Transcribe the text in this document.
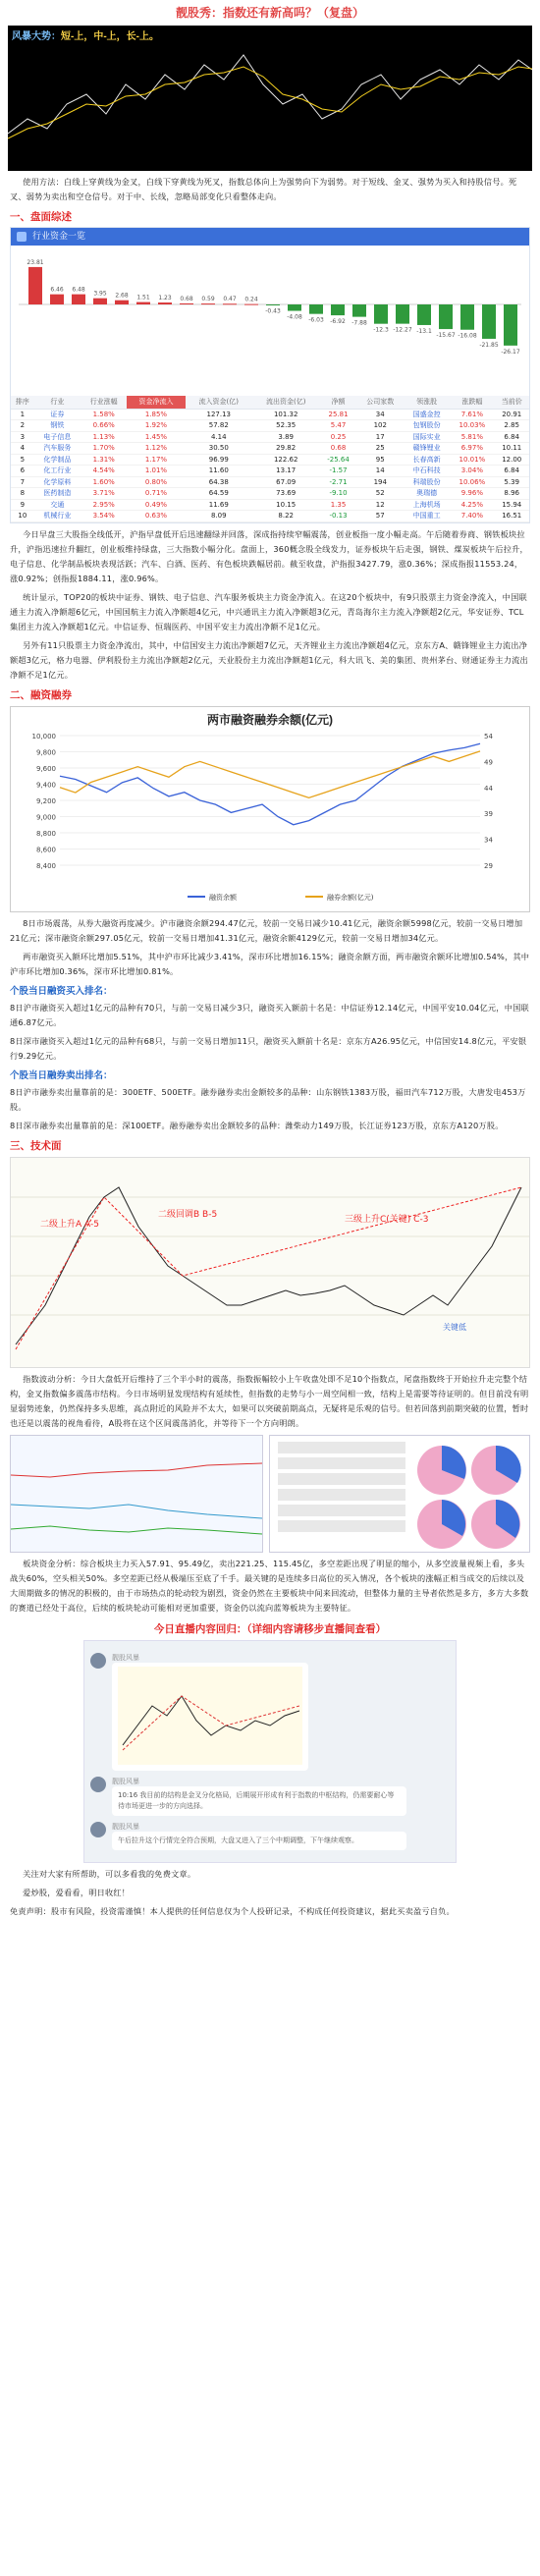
靓股秀：指数还有新高吗？（复盘）
风暴大势：短-上，中-上，长-上。

使用方法：白线上穿黄线为金叉，白线下穿黄线为死叉，指数总体向上为强势向下为弱势。对于短线、金叉、强势为买入和持股信号。死叉、弱势为卖出和空仓信号。对于中、长线，忽略局部变化只看整体走向。

一、盘面综述
行业资金一览
23.81
6.46 6.48
3.95 2.68 1.51 1.23 0.68 0.59 0.47 0.24
-0.43
-4.08 -6.03 -6.92 -7.88
-12.3 -12.27 -13.1
-15.67 -16.08
-21.85
-26.17
排序	行业	行业涨幅	资金净流入	流入资金(亿)	流出资金(亿)	净额	公司家数	领涨股	涨跌幅	当前价
1	证券	1.58%	1.85%	127.13	101.32	25.81	34	国盛金控	7.61%	20.91
2	钢铁	0.66%	1.92%	57.82	52.35	5.47	102	包钢股份	10.03%	2.85
3	电子信息	1.13%	1.45%	4.14	3.89	0.25	17	国际实业	5.81%	6.84
4	汽车服务	1.70%	1.12%	30.50	29.82	0.68	25	赣锋锂业	6.97%	10.11
5	化学制品	1.31%	1.17%	96.99	122.62	-25.64	95	长春高新	10.01%	12.00
6	化工行业	4.54%	1.01%	11.60	13.17	-1.57	14	中石科技	3.04%	6.84
7	化学原料	1.60%	0.80%	64.38	67.09	-2.71	194	科瑞股份	10.06%	5.39
8	医药制造	3.71%	0.71%	64.59	73.69	-9.10	52	奥瑞德	9.96%	8.96
9	交通	2.95%	0.49%	11.69	10.15	1.35	12	上海机场	4.25%	15.94
10	机械行业	3.54%	0.63%	8.09	8.22	-0.13	57	中国重工	7.40%	16.51

今日早盘三大股指全线低开，沪指早盘低开后迅速翻绿并回落，深成指持续窄幅震荡，创业板指一度小幅走高。午后随着券商、钢铁板块拉升，沪指迅速拉升翻红，创业板维持绿盘，三大指数小幅分化。盘面上，360概念股全线发力，证券板块午后走强，钢铁、煤炭板块午后拉升，电子信息、化学制品板块表现活跃；汽车、白酒、医药、有色板块跌幅居前。截至收盘，沪指报3427.79，涨0.36%；深成指报11553.24，涨0.92%；创指报1884.11，涨0.96%。

统计显示，TOP20的板块中证券、钢铁、电子信息、汽车服务板块主力资金净流入。在这20个板块中，有9只股票主力资金净流入，中国联通主力流入净额超6亿元，中国国航主力流入净额超4亿元，中兴通讯主力流入净额超3亿元，青岛海尔主力流入净额超2亿元，华安证券、TCL集团主力流入净额超1亿元。中信证券、恒瑞医药、中国平安主力流出净额不足1亿元。

另外有11只股票主力资金净流出，其中，中信国安主力流出净额超7亿元，天齐锂业主力流出净额超4亿元，京东方A、赣锋锂业主力流出净额超3亿元，格力电器、伊利股份主力流出净额超2亿元，天业股份主力流出净额超1亿元，科大讯飞、美的集团、贵州茅台、财通证券主力流出净额不足1亿元。

二、融资融券
两市融资融券余额(亿元)
10,000
9,800
9,600
9,400
9,200
9,000
8,800
8,600
8,400
54
49
44
39
34
29
融资余额	融券余额(亿元)

8日市场震荡，从券大融资再度减少。沪市融资余额294.47亿元，较前一交易日减少10.41亿元，融资余额5998亿元，较前一交易日增加21亿元；深市融资余额297.05亿元，较前一交易日增加41.31亿元，融资余额4129亿元，较前一交易日增加34亿元。

两市融资买入额环比增加5.51%，其中沪市环比减少3.41%，深市环比增加16.15%；融资余额方面，两市融资余额环比增加0.54%，其中沪市环比增加0.36%，深市环比增加0.81%。

个股当日融资买入排名：

8日沪市融资买入超过1亿元的品种有70只，与前一交易日减少3只，融资买入额前十名是：中信证券12.14亿元，中国平安10.04亿元，中国联通6.87亿元。

8日深市融资买入超过1亿元的品种有68只，与前一交易日增加11只，融资买入额前十名是：京东方A26.95亿元，中信国安14.8亿元，平安银行9.29亿元。

个股当日融券卖出排名：

8日沪市融券卖出量靠前的是：300ETF、500ETF。融券融券卖出金额较多的品种：山东钢铁1383万股，福田汽车712万股，大唐发电453万股。

8日深市融券卖出量靠前的是：深100ETF。融券融券卖出金额较多的品种：潍柴动力149万股，长江证券123万股，京东方A120万股。

三、技术面
二级上升A A-5
二级回调B B-5	三级上升C(关键) C-3
关键低

指数波动分析：今日大盘低开后维持了三个半小时的震荡，指数振幅较小上午收盘处即不足10个指数点，尾盘指数终于开始拉升走完整个结构，金叉指数偏多震荡市结构。今日市场明显发现结构有延续性，但指数的走势与小一周空间相一致，结构上是需要等待证明的。但目前没有明显弱势迹象，仍然保持多头思维，高点附近的风险并不太大，如果可以突破前期高点，无疑将是乐观的信号。但若回落到前期突破的位置，暂时也还是以震荡的视角看待，A股将在这个区间震荡消化，并等待下一个方向明朗。

板块资金分析：综合板块主力买入57.91、95.49亿，卖出221.25、115.45亿，多空差距出现了明显的缩小，从多空波量视频上看，多头战失60%，空头相关50%。多空差距已经从极端压至底了千手。最关键的是连续多日高位的买入情况，各个板块的涨幅正相当成交的后续以及大周期做多的情况的积极的，由于市场热点的轮动较为剧烈，资金仍然在主要板块中间来回流动，但整体力量的主导者依然是多方，多方大多数的赛道已经处于高位，后续的板块轮动可能相对更加重要，资金仍以流向蓝筹板块为主要特征。

今日直播内容回归：（详细内容请移步直播间查看）
靓股风暴
靓股风暴
10:16 我目前的结构是金叉分化格局，后期展开形成有利于指数的中枢结构，仍需要耐心等待市场更进一步的方向选择。
靓股风暴
午后拉升这个行情完全符合预期，大盘又进入了三个中期调整，下午继续观察。

关注对大家有所帮助，可以多看我的免费文章。

爱炒股，爱看看，明日收红！

免责声明：股市有风险，投资需谨慎！本人提供的任何信息仅为个人投研记录，不构成任何投资建议，据此买卖盈亏自负。
